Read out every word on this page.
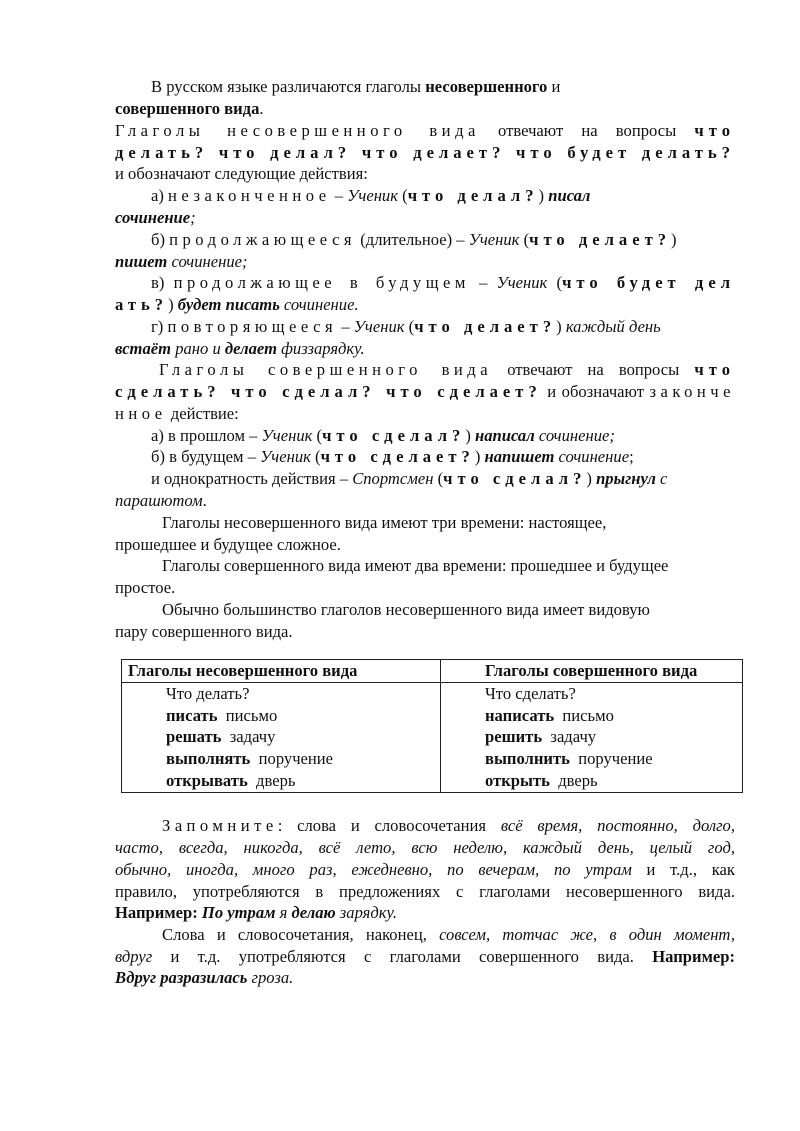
В русском языке различаются глаголы несовершенного и
совершенного вида.
Глаголы несовершенного вида отвечают на вопросы что
делать? что делал? что делает? что будет делать?
и обозначают следующие действия:
а) незаконченное – Ученик (что делал?) писал
сочинение;
б) продолжающееся (длительное) – Ученик (что делает?)
пишет сочинение;
в) продолжающее в будущем – Ученик (что будет дел
ать?) будет писать сочинение.
г) повторяющееся – Ученик (что делает?) каждый день
встаёт рано и делает физзарядку.
Глаголы совершенного вида отвечают на вопросы что
сделать? что сделал? что сделает? и обозначают законче
нное действие:
а) в прошлом – Ученик (что сделал?) написал сочинение;
б) в будущем – Ученик (что сделает?) напишет сочинение;
и однократность действия – Спортсмен (что сделал?) прыгнул с
парашютом.
Глаголы несовершенного вида имеют три времени: настоящее,
прошедшее и будущее сложное.
Глаголы совершенного вида имеют два времени: прошедшее и будущее
простое.
Обычно большинство глаголов несовершенного вида имеет видовую
пару совершенного вида.
Глаголы несовершенного вида	Глаголы совершенного вида
Что делать?	Что сделать?
писать письмо	написать письмо
решать задачу	решить задачу
выполнять поручение	выполнить поручение
открывать дверь	открыть дверь
Запомните: слова и словосочетания всё время, постоянно, долго,
часто, всегда, никогда, всё лето, всю неделю, каждый день, целый год,
обычно, иногда, много раз, ежедневно, по вечерам, по утрам и т.д., как
правило, употребляются в предложениях с глаголами несовершенного вида.
Например: По утрам я делаю зарядку.
Слова и словосочетания, наконец, совсем, тотчас же, в один момент,
вдруг и т.д. употребляются с глаголами совершенного вида. Например:
Вдруг разразилась гроза.
